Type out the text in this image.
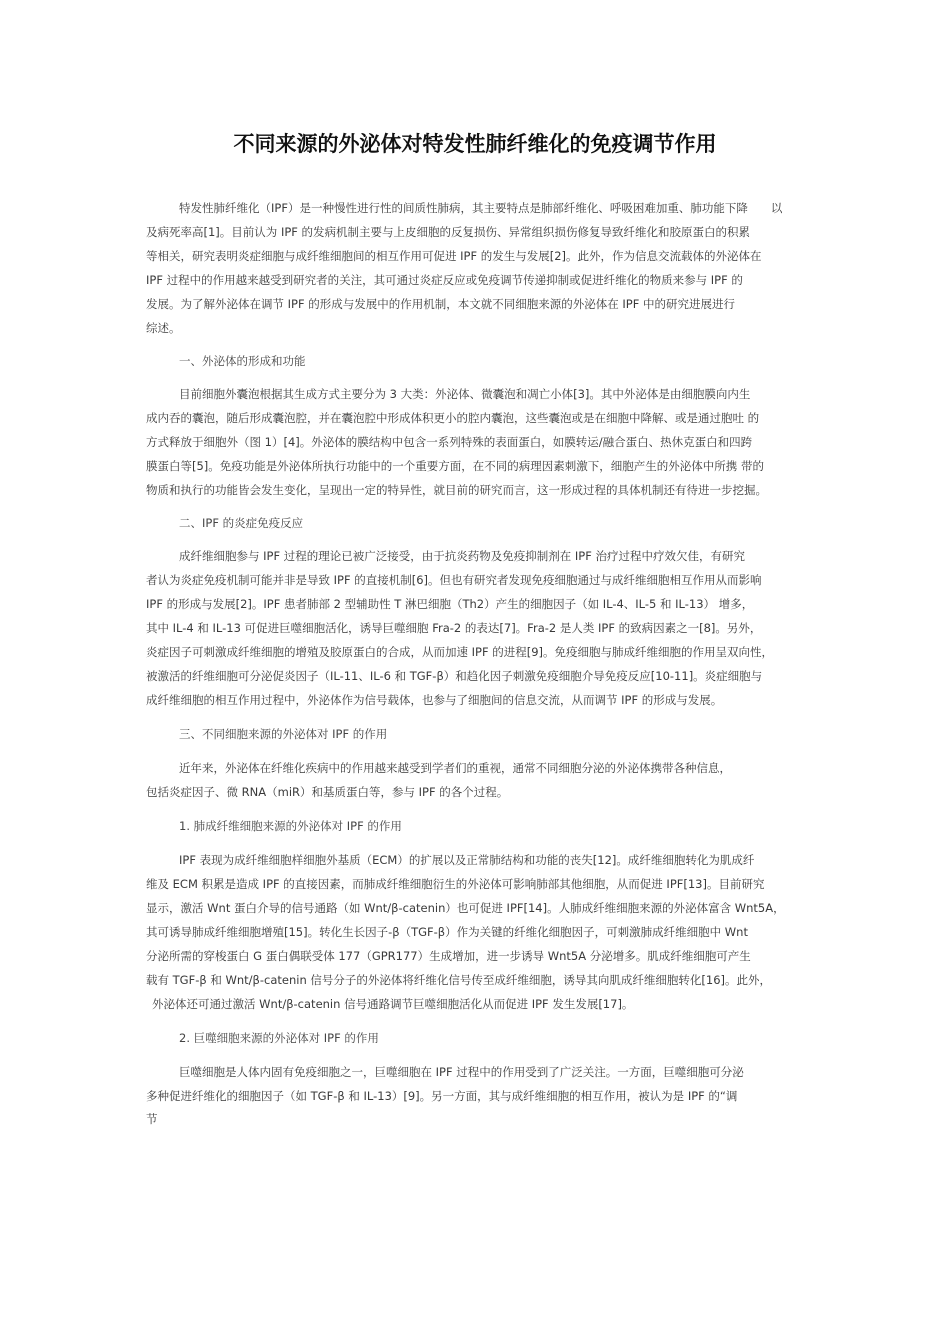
不同来源的外泌体对特发性肺纤维化的免疫调节作用

特发性肺纤维化（IPF）是一种慢性进行性的间质性肺病，其主要特点是肺部纤维化、呼吸困难加重、肺功能下降　　以

及病死率高[1]。目前认为 IPF 的发病机制主要与上皮细胞的反复损伤、异常组织损伤修复导致纤维化和胶原蛋白的积累

等相关，研究表明炎症细胞与成纤维细胞间的相互作用可促进 IPF 的发生与发展[2]。此外，作为信息交流载体的外泌体在

IPF 过程中的作用越来越受到研究者的关注，其可通过炎症反应或免疫调节传递抑制或促进纤维化的物质来参与 IPF 的

发展。为了解外泌体在调节 IPF 的形成与发展中的作用机制，本文就不同细胞来源的外泌体在 IPF 中的研究进展进行

综述。

一、外泌体的形成和功能

目前细胞外囊泡根据其生成方式主要分为 3 大类：外泌体、微囊泡和凋亡小体[3]。其中外泌体是由细胞膜向内生

成内吞的囊泡，随后形成囊泡腔，并在囊泡腔中形成体积更小的腔内囊泡，这些囊泡或是在细胞中降解、或是通过胞吐 的

方式释放于细胞外（图 1）[4]。外泌体的膜结构中包含一系列特殊的表面蛋白，如膜转运/融合蛋白、热休克蛋白和四跨

膜蛋白等[5]。免疫功能是外泌体所执行功能中的一个重要方面，在不同的病理因素刺激下，细胞产生的外泌体中所携 带的

物质和执行的功能皆会发生变化，呈现出一定的特异性，就目前的研究而言，这一形成过程的具体机制还有待进一步挖掘。

二、IPF 的炎症免疫反应

成纤维细胞参与 IPF 过程的理论已被广泛接受，由于抗炎药物及免疫抑制剂在 IPF 治疗过程中疗效欠佳，有研究

者认为炎症免疫机制可能并非是导致 IPF 的直接机制[6]。但也有研究者发现免疫细胞通过与成纤维细胞相互作用从而影响

IPF 的形成与发展[2]。IPF 患者肺部 2 型辅助性 T 淋巴细胞（Th2）产生的细胞因子（如 IL-4、IL-5 和 IL-13） 增多，

其中 IL-4 和 IL-13 可促进巨噬细胞活化，诱导巨噬细胞 Fra-2 的表达[7]。Fra-2 是人类 IPF 的致病因素之一[8]。另外，

炎症因子可刺激成纤维细胞的增殖及胶原蛋白的合成，从而加速 IPF 的进程[9]。免疫细胞与肺成纤维细胞的作用呈双向性，

被激活的纤维细胞可分泌促炎因子（IL-11、IL-6 和 TGF-β）和趋化因子刺激免疫细胞介导免疫反应[10-11]。炎症细胞与

成纤维细胞的相互作用过程中，外泌体作为信号载体，也参与了细胞间的信息交流，从而调节 IPF 的形成与发展。

三、不同细胞来源的外泌体对 IPF 的作用

近年来，外泌体在纤维化疾病中的作用越来越受到学者们的重视，通常不同细胞分泌的外泌体携带各种信息，

包括炎症因子、微 RNA（miR）和基质蛋白等，参与 IPF 的各个过程。

1. 肺成纤维细胞来源的外泌体对 IPF 的作用

IPF 表现为成纤维细胞样细胞外基质（ECM）的扩展以及正常肺结构和功能的丧失[12]。成纤维细胞转化为肌成纤

维及 ECM 积累是造成 IPF 的直接因素，而肺成纤维细胞衍生的外泌体可影响肺部其他细胞，从而促进 IPF[13]。目前研究

显示，激活 Wnt 蛋白介导的信号通路（如 Wnt/β-catenin）也可促进 IPF[14]。人肺成纤维细胞来源的外泌体富含 Wnt5A，

其可诱导肺成纤维细胞增殖[15]。转化生长因子-β（TGF-β）作为关键的纤维化细胞因子，可刺激肺成纤维细胞中 Wnt

分泌所需的穿梭蛋白 G 蛋白偶联受体 177（GPR177）生成增加，进一步诱导 Wnt5A 分泌增多。肌成纤维细胞可产生

载有 TGF-β 和 Wnt/β-catenin 信号分子的外泌体将纤维化信号传至成纤维细胞，诱导其向肌成纤维细胞转化[16]。此外，

外泌体还可通过激活 Wnt/β-catenin 信号通路调节巨噬细胞活化从而促进 IPF 发生发展[17]。

2. 巨噬细胞来源的外泌体对 IPF 的作用

巨噬细胞是人体内固有免疫细胞之一，巨噬细胞在 IPF 过程中的作用受到了广泛关注。一方面，巨噬细胞可分泌

多种促进纤维化的细胞因子（如 TGF-β 和 IL-13）[9]。另一方面，其与成纤维细胞的相互作用，被认为是 IPF 的“调

节
